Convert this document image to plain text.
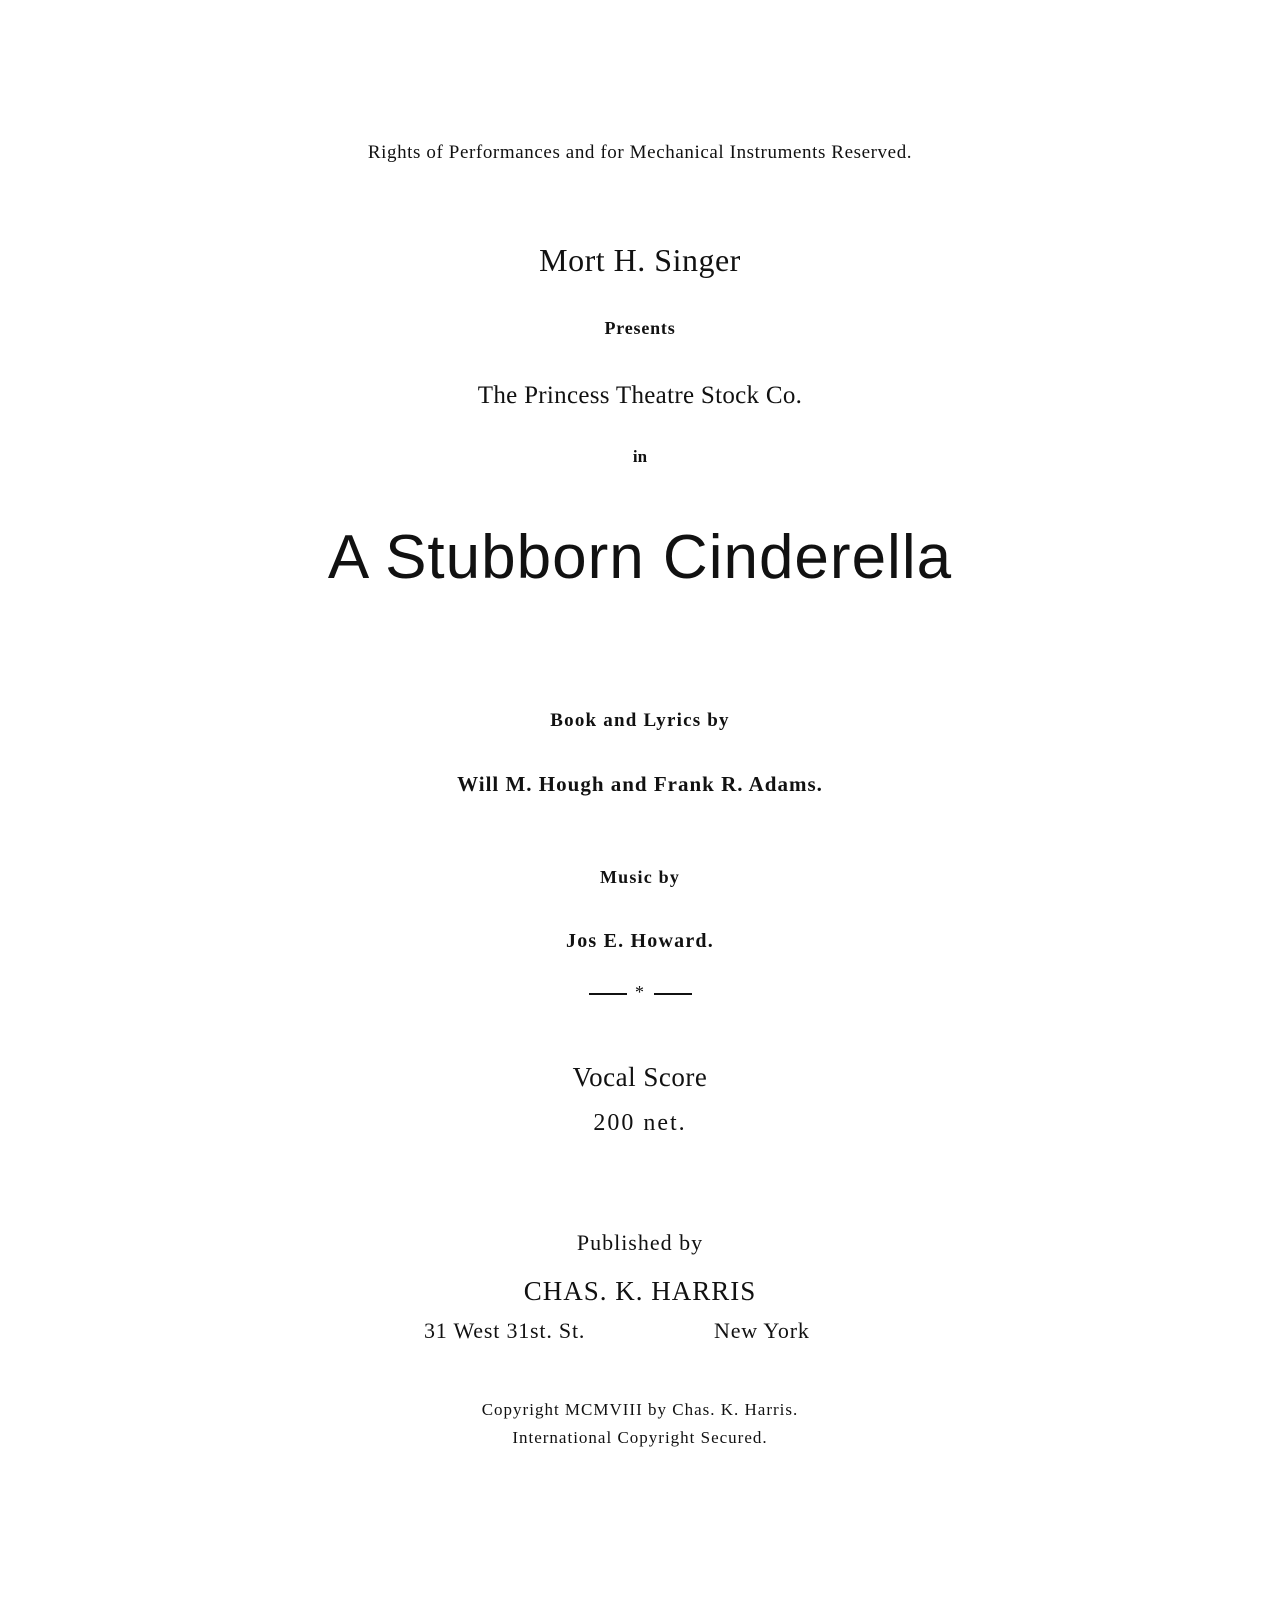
Rights of Performances and for Mechanical Instruments Reserved.
Mort H. Singer
Presents
The Princess Theatre Stock Co.
in
A Stubborn Cinderella
Book and Lyrics by
Will M. Hough and Frank R. Adams.
Music by
Jos E. Howard.
*
Vocal Score
200 net.
Published by
CHAS. K. HARRIS
31 West 31st. St.	New York
Copyright MCMVIII by Chas. K. Harris.
International Copyright Secured.
